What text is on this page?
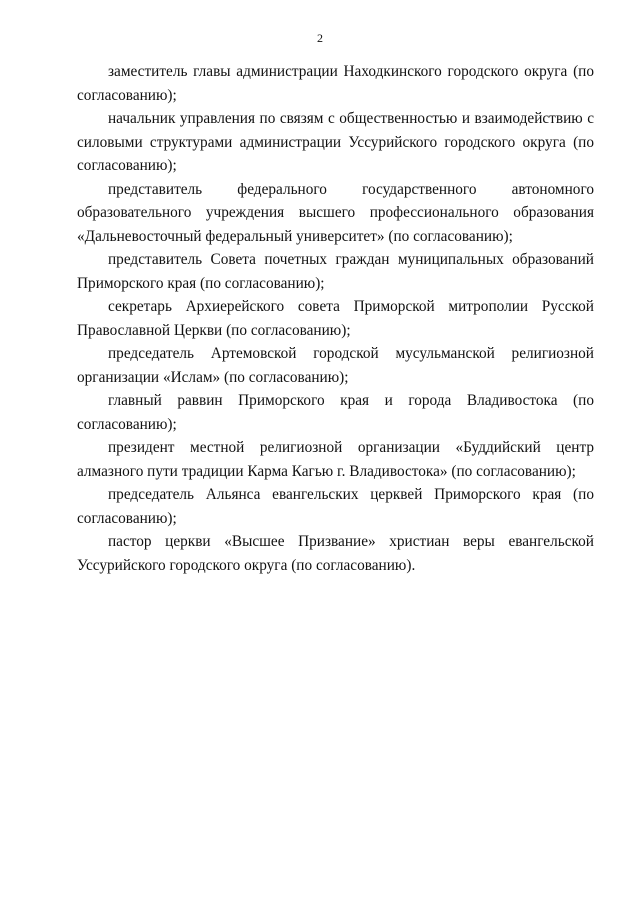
2

заместитель главы администрации Находкинского городского округа (по согласованию);

начальник управления по связям с общественностью и взаимодействию с силовыми структурами администрации Уссурийского городского округа (по согласованию);

представитель федерального государственного автономного образовательного учреждения высшего профессионального образования «Дальневосточный федеральный университет» (по согласованию);

представитель Совета почетных граждан муниципальных образований Приморского края (по согласованию);

секретарь Архиерейского совета Приморской митрополии Русской Православной Церкви (по согласованию);

председатель Артемовской городской мусульманской религиозной организации «Ислам» (по согласованию);

главный раввин Приморского края и города Владивостока (по согласованию);

президент местной религиозной организации «Буддийский центр алмазного пути традиции Карма Кагью г. Владивостока» (по согласованию);

председатель Альянса евангельских церквей Приморского края (по согласованию);

пастор церкви «Высшее Призвание» христиан веры евангельской Уссурийского городского округа (по согласованию).
